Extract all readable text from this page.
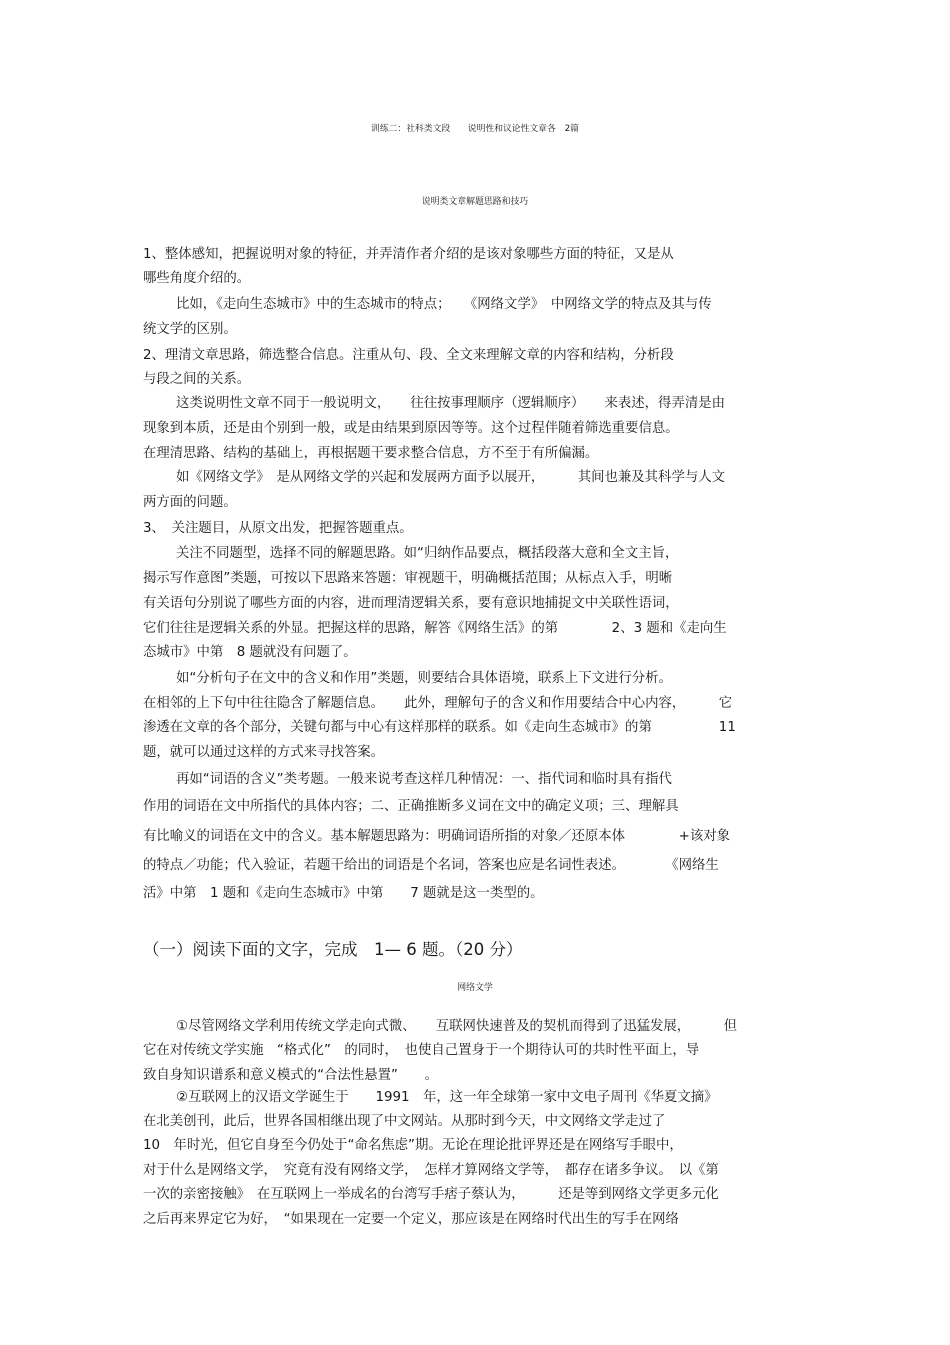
训练二：社科类文段　　说明性和议论性文章各　2篇

说明类文章解题思路和技巧

1、整体感知，把握说明对象的特征，并弄清作者介绍的是该对象哪些方面的特征，又是从

哪些角度介绍的。

比如，《走向生态城市》中的生态城市的特点；　　《网络文学》　中网络文学的特点及其与传

统文学的区别。

2、理清文章思路，筛选整合信息。注重从句、段、全文来理解文章的内容和结构，分析段

与段之间的关系。

这类说明性文章不同于一般说明文，　　往往按事理顺序（逻辑顺序）　　来表述，得弄清是由

现象到本质，还是由个别到一般，或是由结果到原因等等。这个过程伴随着筛选重要信息。

在理清思路、结构的基础上，再根据题干要求整合信息，方不至于有所偏漏。

如《网络文学》　是从网络文学的兴起和发展两方面予以展开，　　　其间也兼及其科学与人文

两方面的问题。

3、　关注题目，从原文出发，把握答题重点。

关注不同题型，选择不同的解题思路。如“归纳作品要点，概括段落大意和全文主旨，

揭示写作意图”类题，可按以下思路来答题：审视题干，明确概括范围；从标点入手，明晰

有关语句分别说了哪些方面的内容，进而理清逻辑关系，要有意识地捕捉文中关联性语词，

它们往往是逻辑关系的外显。把握这样的思路，解答《网络生活》的第　　　　2、3 题和《走向生

态城市》中第　8 题就没有问题了。

如“分析句子在文中的含义和作用”类题，则要结合具体语境，联系上下文进行分析。

在相邻的上下句中往往隐含了解题信息。　　此外，理解句子的含义和作用要结合中心内容，　　　它

渗透在文章的各个部分，关键句都与中心有这样那样的联系。如《走向生态城市》的第　　　　　11

题，就可以通过这样的方式来寻找答案。

再如“词语的含义”类考题。一般来说考查这样几种情况：一、指代词和临时具有指代

作用的词语在文中所指代的具体内容；二、正确推断多义词在文中的确定义项；三、理解具

有比喻义的词语在文中的含义。基本解题思路为：明确词语所指的对象／还原本体　　　　+该对象

的特点／功能；代入验证，若题干给出的词语是个名词，答案也应是名词性表述。　　　　《网络生

活》中第　1 题和《走向生态城市》中第　　7 题就是这一类型的。

（一）阅读下面的文字，完成　1— 6 题。（20 分）

网络文学

①尽管网络文学利用传统文学走向式微、　　互联网快速普及的契机而得到了迅猛发展，　　　但

它在对传统文学实施　“格式化”　的同时，　也使自己置身于一个期待认可的共时性平面上，导

致自身知识谱系和意义模式的“合法性悬置”　　。

②互联网上的汉语文学诞生于　　1991　年，这一年全球第一家中文电子周刊《华夏文摘》

在北美创刊，此后，世界各国相继出现了中文网站。从那时到今天，中文网络文学走过了

10　年时光，但它自身至今仍处于“命名焦虑”期。无论在理论批评界还是在网络写手眼中，

对于什么是网络文学，　究竟有没有网络文学，　怎样才算网络文学等，　都存在诸多争议。　以《第

一次的亲密接触》　在互联网上一举成名的台湾写手痞子蔡认为，　　　还是等到网络文学更多元化

之后再来界定它为好，　“如果现在一定要一个定义，那应该是在网络时代出生的写手在网络
